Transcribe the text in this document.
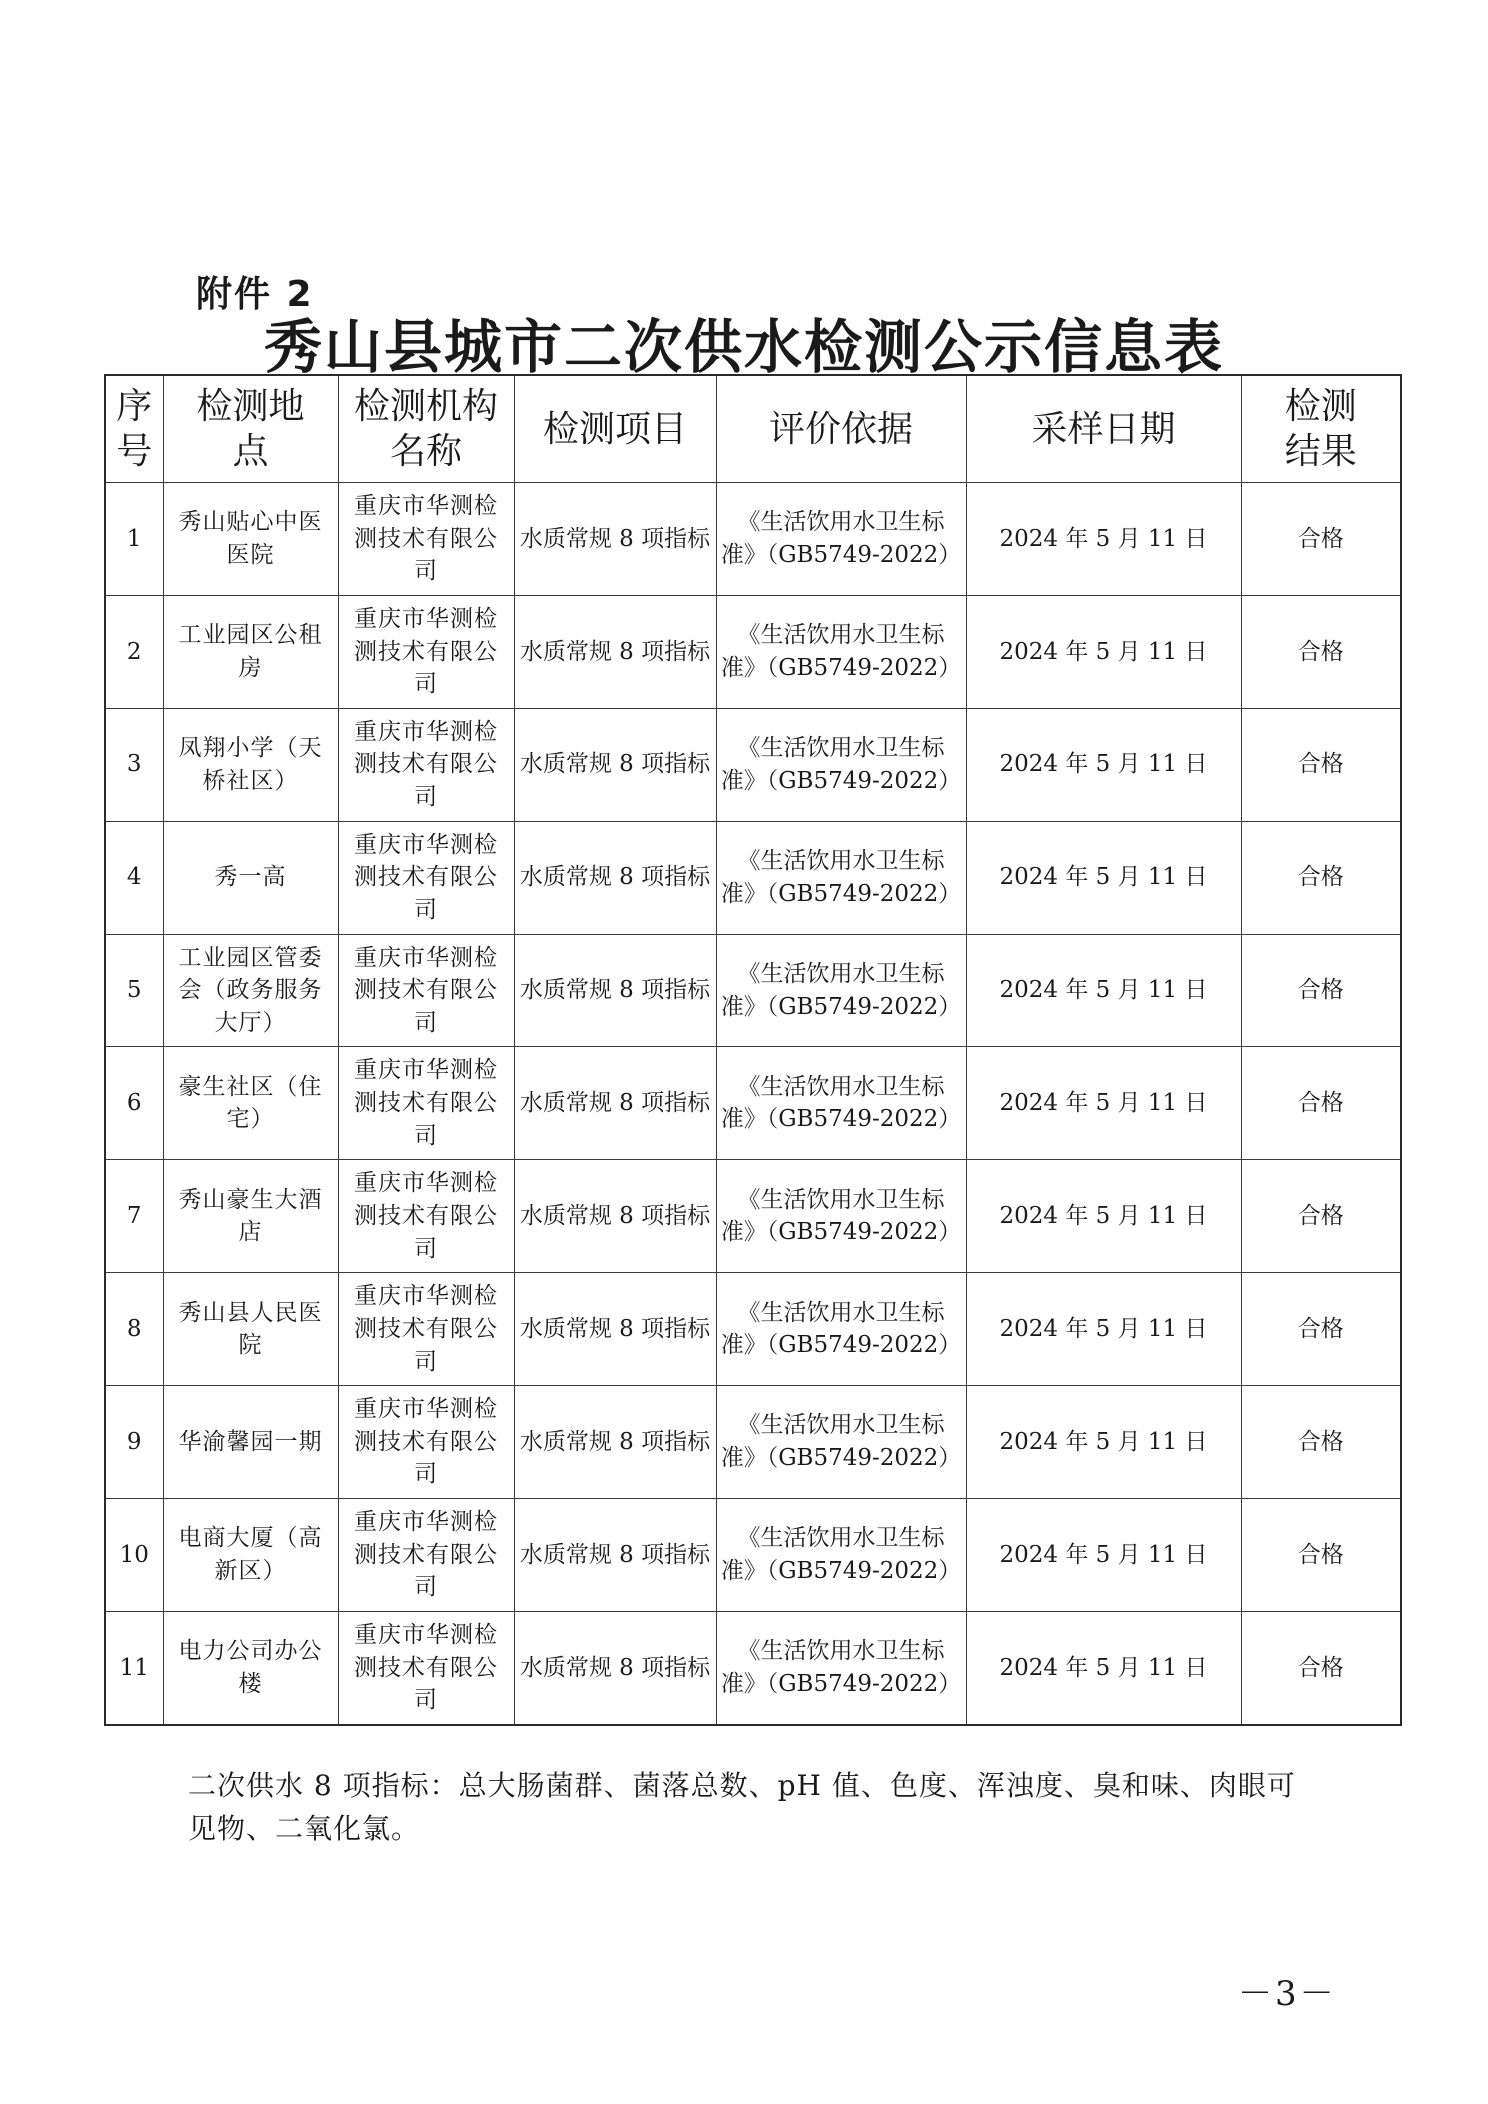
附件 2
秀山县城市二次供水检测公示信息表
序号	检测地点	检测机构名称	检测项目	评价依据	采样日期	检测结果
1	秀山贴心中医医院	重庆市华测检测技术有限公司	水质常规 8 项指标	《生活饮用水卫生标准》（GB5749-2022）	2024 年 5 月 11 日	合格
2	工业园区公租房	重庆市华测检测技术有限公司	水质常规 8 项指标	《生活饮用水卫生标准》（GB5749-2022）	2024 年 5 月 11 日	合格
3	凤翔小学（天桥社区）	重庆市华测检测技术有限公司	水质常规 8 项指标	《生活饮用水卫生标准》（GB5749-2022）	2024 年 5 月 11 日	合格
4	秀一高	重庆市华测检测技术有限公司	水质常规 8 项指标	《生活饮用水卫生标准》（GB5749-2022）	2024 年 5 月 11 日	合格
5	工业园区管委会（政务服务大厅）	重庆市华测检测技术有限公司	水质常规 8 项指标	《生活饮用水卫生标准》（GB5749-2022）	2024 年 5 月 11 日	合格
6	豪生社区（住宅）	重庆市华测检测技术有限公司	水质常规 8 项指标	《生活饮用水卫生标准》（GB5749-2022）	2024 年 5 月 11 日	合格
7	秀山豪生大酒店	重庆市华测检测技术有限公司	水质常规 8 项指标	《生活饮用水卫生标准》（GB5749-2022）	2024 年 5 月 11 日	合格
8	秀山县人民医院	重庆市华测检测技术有限公司	水质常规 8 项指标	《生活饮用水卫生标准》（GB5749-2022）	2024 年 5 月 11 日	合格
9	华渝馨园一期	重庆市华测检测技术有限公司	水质常规 8 项指标	《生活饮用水卫生标准》（GB5749-2022）	2024 年 5 月 11 日	合格
10	电商大厦（高新区）	重庆市华测检测技术有限公司	水质常规 8 项指标	《生活饮用水卫生标准》（GB5749-2022）	2024 年 5 月 11 日	合格
11	电力公司办公楼	重庆市华测检测技术有限公司	水质常规 8 项指标	《生活饮用水卫生标准》（GB5749-2022）	2024 年 5 月 11 日	合格
二次供水 8 项指标：总大肠菌群、菌落总数、pH 值、色度、浑浊度、臭和味、肉眼可见物、二氧化氯。
－3－
